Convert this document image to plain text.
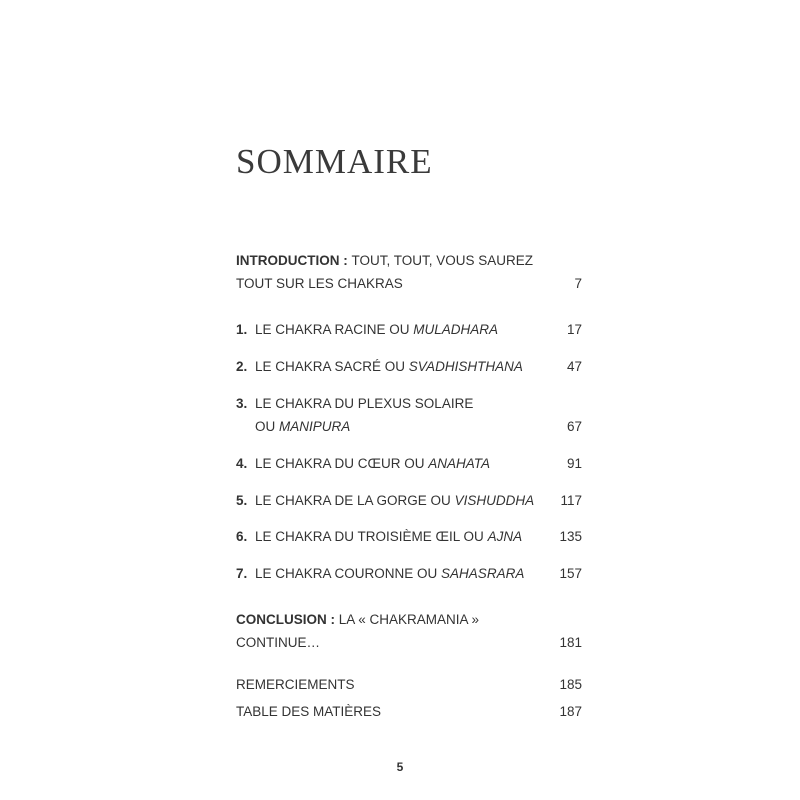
SOMMAIRE
INTRODUCTION : TOUT, TOUT, VOUS SAUREZ
TOUT SUR LES CHAKRAS	7
1. LE CHAKRA RACINE OU MULADHARA	17
2. LE CHAKRA SACRÉ OU SVADHISHTHANA	47
3. LE CHAKRA DU PLEXUS SOLAIRE
OU MANIPURA	67
4. LE CHAKRA DU CŒUR OU ANAHATA	91
5. LE CHAKRA DE LA GORGE OU VISHUDDHA 117
6. LE CHAKRA DU TROISIÈME ŒIL OU AJNA	135
7. LE CHAKRA COURONNE OU SAHASRARA	157
CONCLUSION : LA « CHAKRAMANIA »
CONTINUE…	181
REMERCIEMENTS	185
TABLE DES MATIÈRES	187
5
